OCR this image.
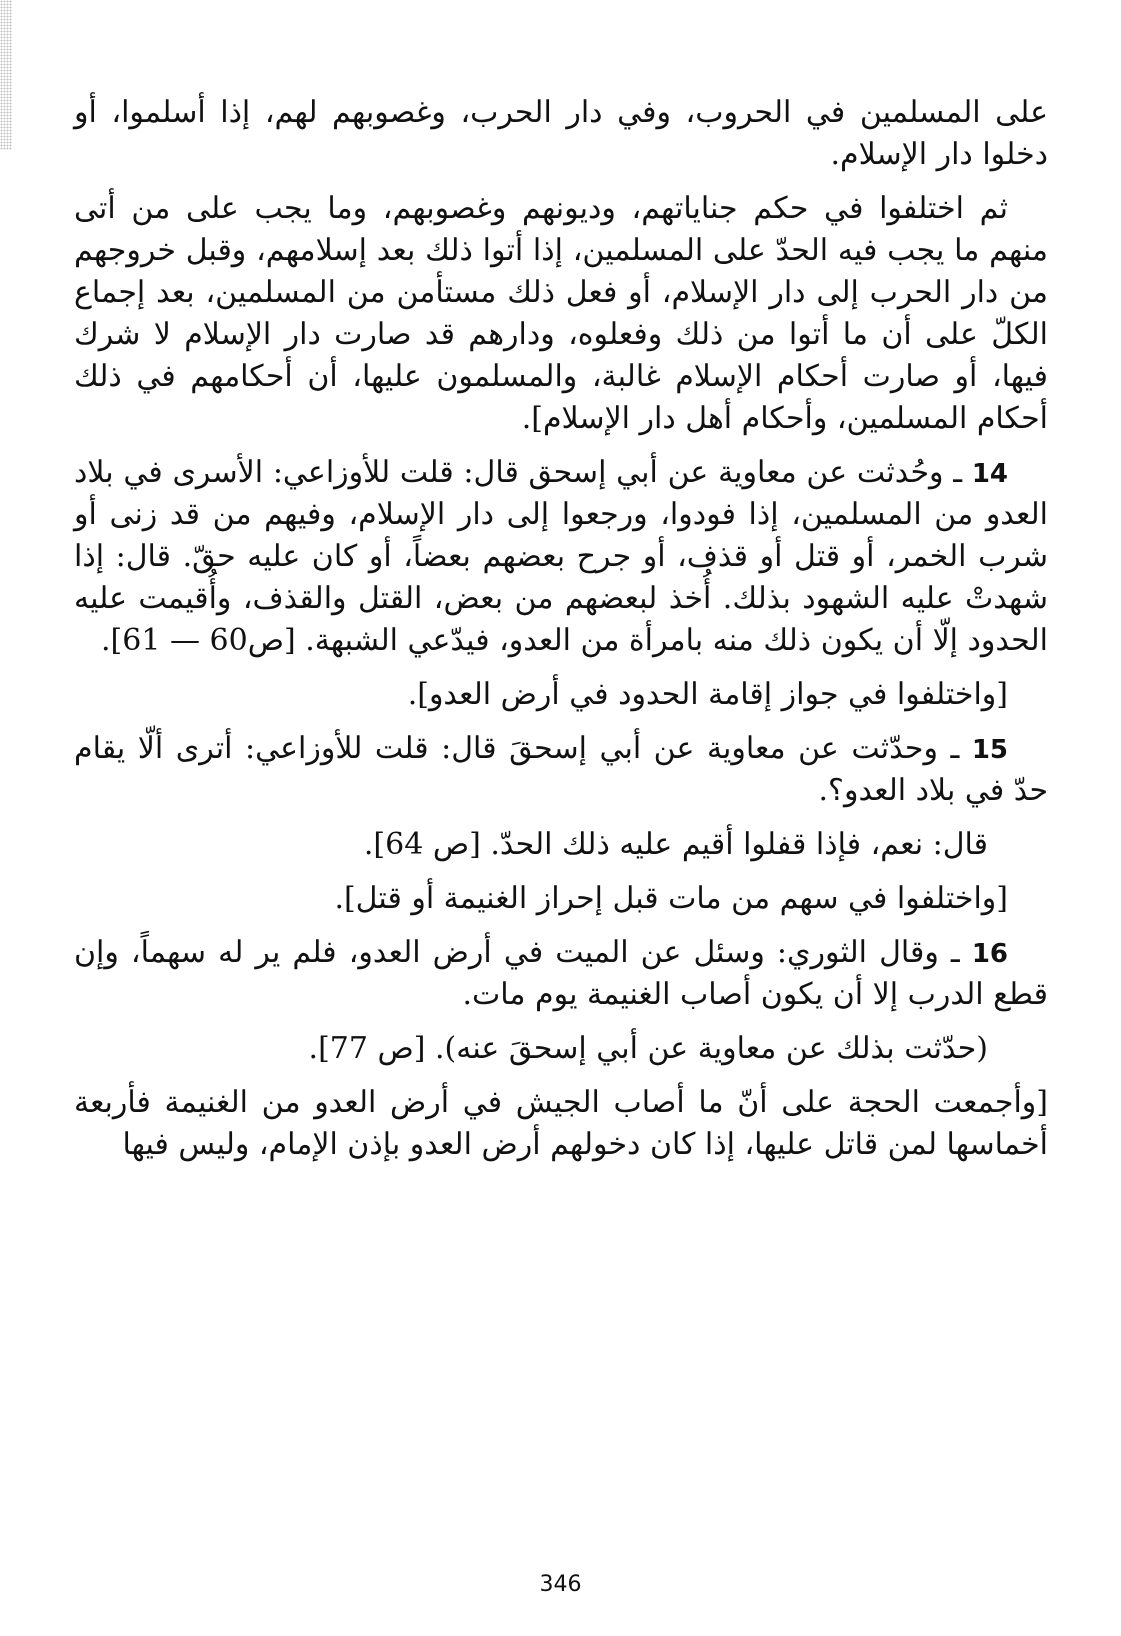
على المسلمين في الحروب، وفي دار الحرب، وغصوبهم لهم، إذا أسلموا، أو دخلوا دار الإسلام.

ثم اختلفوا في حكم جناياتهم، وديونهم وغصوبهم، وما يجب على من أتى منهم ما يجب فيه الحدّ على المسلمين، إذا أتوا ذلك بعد إسلامهم، وقبل خروجهم من دار الحرب إلى دار الإسلام، أو فعل ذلك مستأمن من المسلمين، بعد إجماع الكلّ على أن ما أتوا من ذلك وفعلوه، ودارهم قد صارت دار الإسلام لا شرك فيها، أو صارت أحكام الإسلام غالبة، والمسلمون عليها، أن أحكامهم في ذلك أحكام المسلمين، وأحكام أهل دار الإسلام].

14 ـ وحُدثت عن معاوية عن أبي إسحق قال: قلت للأوزاعي: الأسرى في بلاد العدو من المسلمين، إذا فودوا، ورجعوا إلى دار الإسلام، وفيهم من قد زنى أو شرب الخمر، أو قتل أو قذف، أو جرح بعضهم بعضاً، أو كان عليه حقّ. قال: إذا شهدتْ عليه الشهود بذلك. أُخذ لبعضهم من بعض، القتل والقذف، وأُقيمت عليه الحدود إلّا أن يكون ذلك منه بامرأة من العدو، فيدّعي الشبهة. [ص60 — 61].

[واختلفوا في جواز إقامة الحدود في أرض العدو].

15 ـ وحدّثت عن معاوية عن أبي إسحقَ قال: قلت للأوزاعي: أترى ألّا يقام حدّ في بلاد العدو؟.

قال: نعم، فإذا قفلوا أقيم عليه ذلك الحدّ. [ص 64].

[واختلفوا في سهم من مات قبل إحراز الغنيمة أو قتل].

16 ـ وقال الثوري: وسئل عن الميت في أرض العدو، فلم ير له سهماً، وإن قطع الدرب إلا أن يكون أصاب الغنيمة يوم مات.

(حدّثت بذلك عن معاوية عن أبي إسحقَ عنه). [ص 77].

[وأجمعت الحجة على أنّ ما أصاب الجيش في أرض العدو من الغنيمة فأربعة أخماسها لمن قاتل عليها، إذا كان دخولهم أرض العدو بإذن الإمام، وليس فيها

346
